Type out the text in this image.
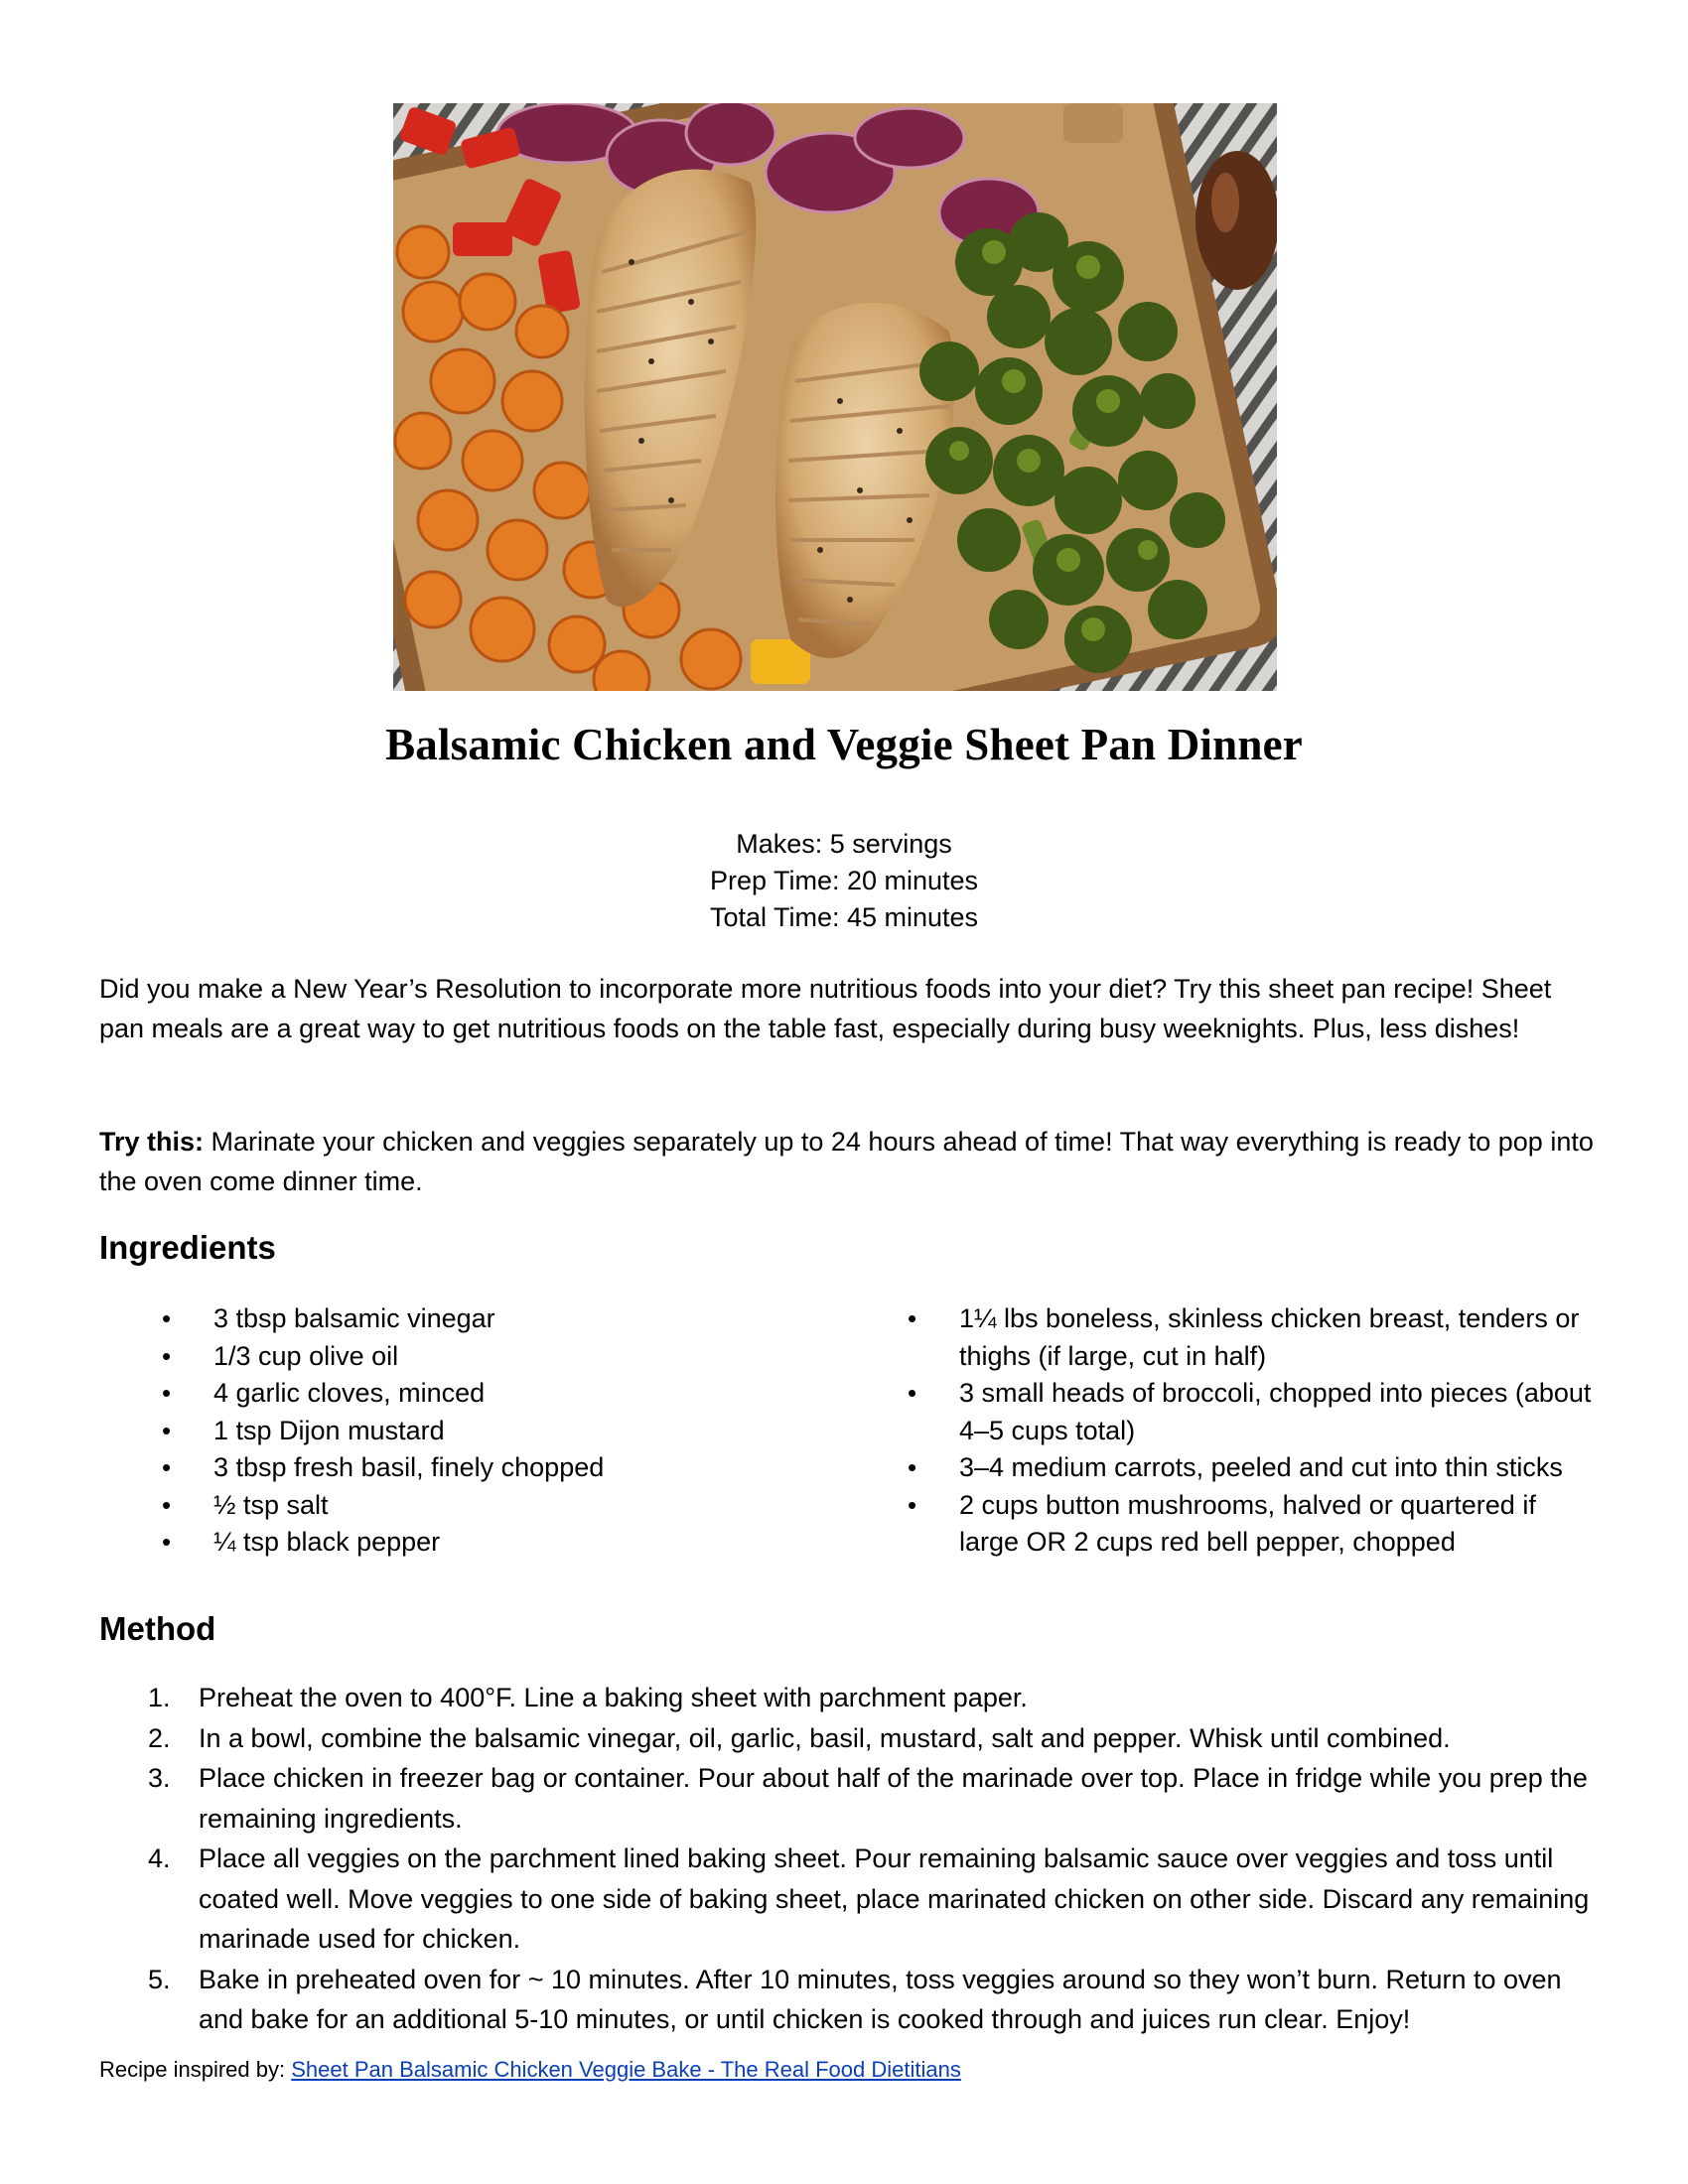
Balsamic Chicken and Veggie Sheet Pan Dinner
Makes: 5 servings
Prep Time: 20 minutes
Total Time: 45 minutes

Did you make a New Year’s Resolution to incorporate more nutritious foods into your diet? Try this sheet pan recipe! Sheet pan meals are a great way to get nutritious foods on the table fast, especially during busy weeknights. Plus, less dishes!

Try this: Marinate your chicken and veggies separately up to 24 hours ahead of time! That way everything is ready to pop into the oven come dinner time.

Ingredients
• 3 tbsp balsamic vinegar
• 1/3 cup olive oil
• 4 garlic cloves, minced
• 1 tsp Dijon mustard
• 3 tbsp fresh basil, finely chopped
• ½ tsp salt
• ¼ tsp black pepper
• 1¼ lbs boneless, skinless chicken breast, tenders or thighs (if large, cut in half)
• 3 small heads of broccoli, chopped into pieces (about 4–5 cups total)
• 3–4 medium carrots, peeled and cut into thin sticks
• 2 cups button mushrooms, halved or quartered if large OR 2 cups red bell pepper, chopped
Method
1. Preheat the oven to 400°F. Line a baking sheet with parchment paper.
2. In a bowl, combine the balsamic vinegar, oil, garlic, basil, mustard, salt and pepper. Whisk until combined.
3. Place chicken in freezer bag or container. Pour about half of the marinade over top. Place in fridge while you prep the remaining ingredients.
4. Place all veggies on the parchment lined baking sheet. Pour remaining balsamic sauce over veggies and toss until coated well. Move veggies to one side of baking sheet, place marinated chicken on other side. Discard any remaining marinade used for chicken.
5. Bake in preheated oven for ~ 10 minutes. After 10 minutes, toss veggies around so they won’t burn. Return to oven and bake for an additional 5-10 minutes, or until chicken is cooked through and juices run clear. Enjoy!
Recipe inspired by: Sheet Pan Balsamic Chicken Veggie Bake - The Real Food Dietitians
